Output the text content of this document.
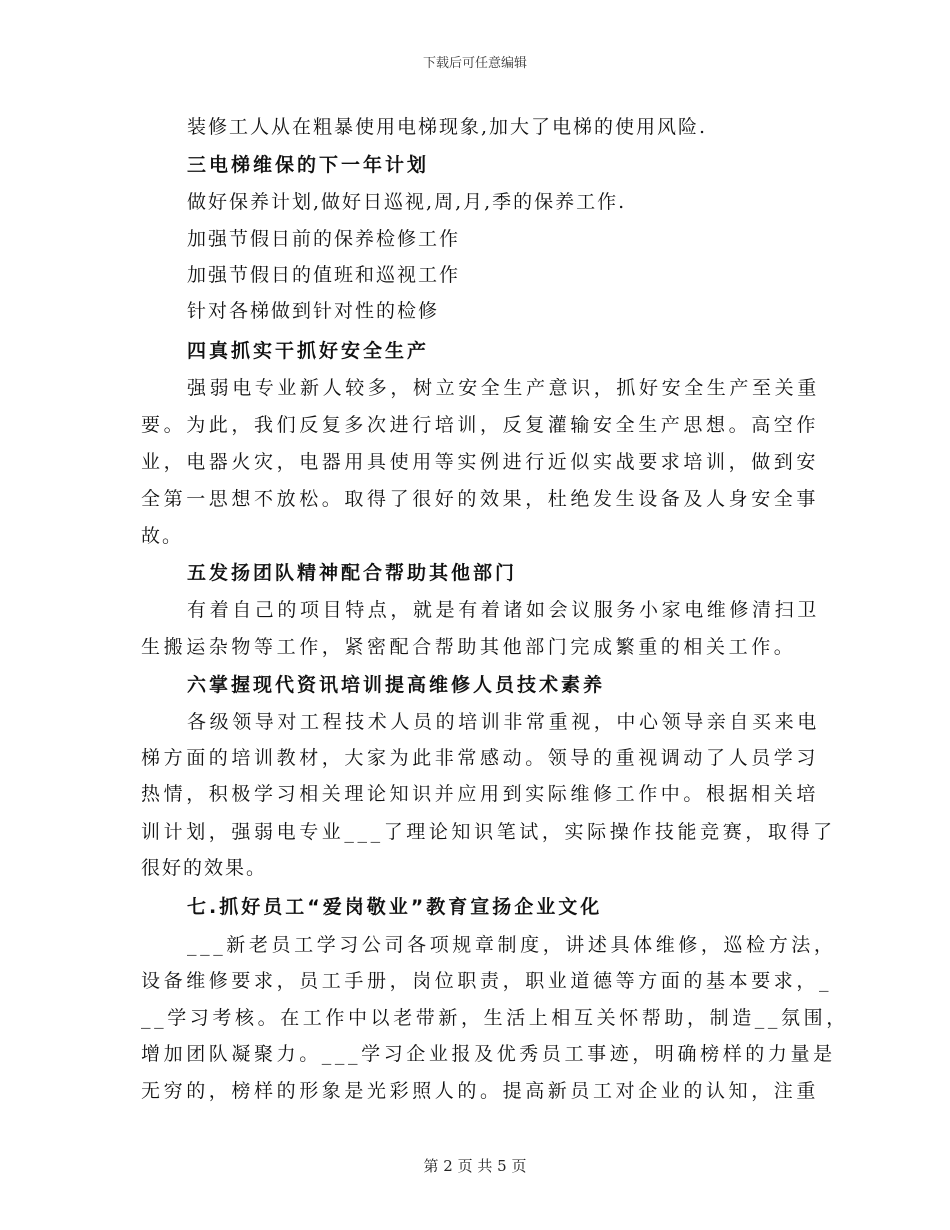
下载后可任意编辑
装修工人从在粗暴使用电梯现象,加大了电梯的使用风险.
三电梯维保的下一年计划
做好保养计划,做好日巡视,周,月,季的保养工作.
加强节假日前的保养检修工作
加强节假日的值班和巡视工作
针对各梯做到针对性的检修
四真抓实干抓好安全生产
强弱电专业新人较多，树立安全生产意识，抓好安全生产至关重
要。为此，我们反复多次进行培训，反复灌输安全生产思想。高空作
业，电器火灾，电器用具使用等实例进行近似实战要求培训，做到安
全第一思想不放松。取得了很好的效果，杜绝发生设备及人身安全事
故。
五发扬团队精神配合帮助其他部门
有着自己的项目特点，就是有着诸如会议服务小家电维修清扫卫
生搬运杂物等工作，紧密配合帮助其他部门完成繁重的相关工作。
六掌握现代资讯培训提高维修人员技术素养
各级领导对工程技术人员的培训非常重视，中心领导亲自买来电
梯方面的培训教材，大家为此非常感动。领导的重视调动了人员学习
热情，积极学习相关理论知识并应用到实际维修工作中。根据相关培
训计划，强弱电专业___了理论知识笔试，实际操作技能竞赛，取得了
很好的效果。
七.抓好员工“爱岗敬业”教育宣扬企业文化
___新老员工学习公司各项规章制度，讲述具体维修，巡检方法，
设备维修要求，员工手册，岗位职责，职业道德等方面的基本要求，_
__学习考核。在工作中以老带新，生活上相互关怀帮助，制造__氛围，
增加团队凝聚力。___学习企业报及优秀员工事迹，明确榜样的力量是
无穷的，榜样的形象是光彩照人的。提高新员工对企业的认知，注重
第 2 页 共 5 页
